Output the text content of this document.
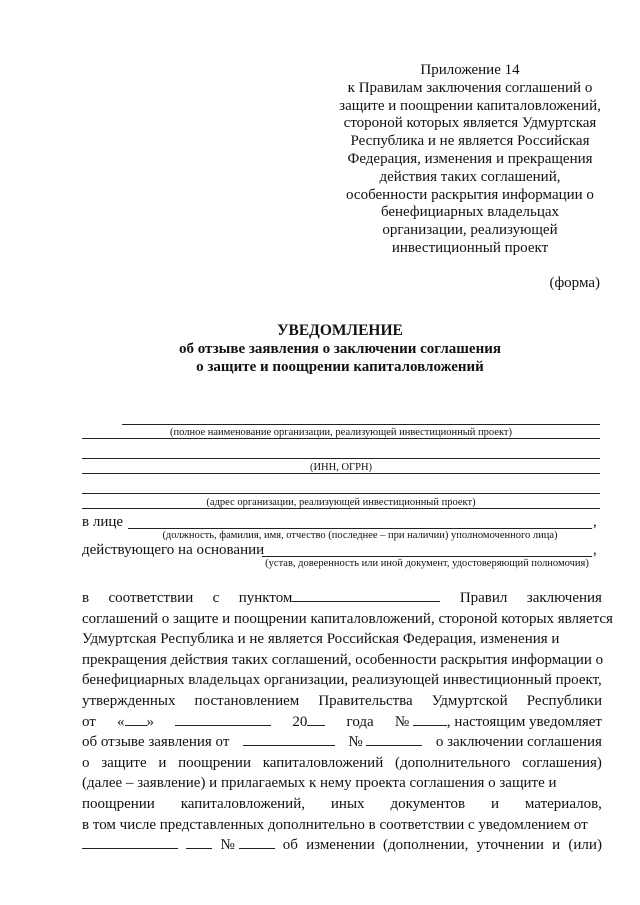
Приложение 14
к Правилам заключения соглашений о
защите и поощрении капиталовложений,
стороной которых является Удмуртская
Республика и не является Российская
Федерация, изменения и прекращения
действия таких соглашений,
особенности раскрытия информации о
бенефициарных владельцах
организации, реализующей
инвестиционный проект
(форма)
УВЕДОМЛЕНИЕ
об отзыве заявления о заключении соглашения
о защите и поощрении капиталовложений
(полное наименование организации, реализующей инвестиционный проект)
(ИНН, ОГРН)
(адрес организации, реализующей инвестиционный проект)
в лице	,
(должность, фамилия, имя, отчество (последнее – при наличии) уполномоченного лица)
действующего на основании	,
(устав, доверенность или иной документ, удостоверяющий полномочия)
в соответствии с пунктом	Правил заключения
соглашений о защите и поощрении капиталовложений, стороной которых является
Удмуртская Республика и не является Российская Федерация, изменения и
прекращения действия таких соглашений, особенности раскрытия информации о
бенефициарных владельцах организации, реализующей инвестиционный проект,
утвержденных постановлением Правительства Удмуртской Республики
от « »	20	года №	, настоящим уведомляет
об отзыве заявления от	№	о заключении соглашения
о защите и поощрении капиталовложений (дополнительного соглашения)
(далее – заявление) и прилагаемых к нему проекта соглашения о защите и
поощрении капиталовложений, иных документов и материалов,
в том числе представленных дополнительно в соответствии с уведомлением от
№	об изменении (дополнении, уточнении и (или)
